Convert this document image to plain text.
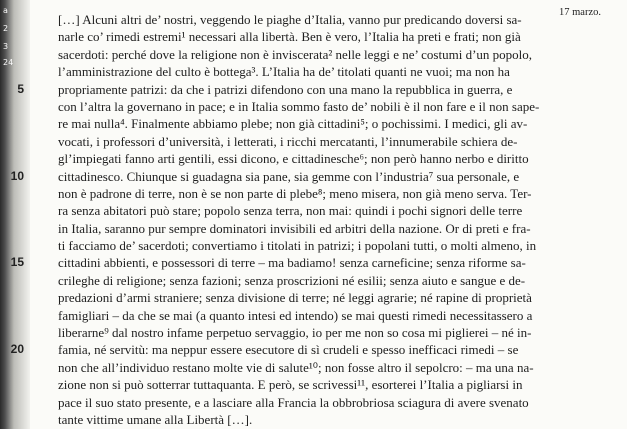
a
2
3
24
17 marzo.
[…] Alcuni altri de’ nostri, veggendo le piaghe d’Italia, vanno pur predicando doversi sa-
narle co’ rimedi estremi¹ necessari alla libertà. Ben è vero, l’Italia ha preti e frati; non già
sacerdoti: perché dove la religione non è inviscerata² nelle leggi e ne’ costumi d’un popolo,
l’amministrazione del culto è bottega³. L’Italia ha de’ titolati quanti ne vuoi; ma non ha
5	propriamente patrizi: da che i patrizi difendono con una mano la repubblica in guerra, e
con l’altra la governano in pace; e in Italia sommo fasto de’ nobili è il non fare e il non sape-
re mai nulla⁴. Finalmente abbiamo plebe; non già cittadini⁵; o pochissimi. I medici, gli av-
vocati, i professori d’università, i letterati, i ricchi mercatanti, l’innumerabile schiera de-
gl’impiegati fanno arti gentili, essi dicono, e cittadinesche⁶; non però hanno nerbo e diritto
10	cittadinesco. Chiunque si guadagna sia pane, sia gemme con l’industria⁷ sua personale, e
non è padrone di terre, non è se non parte di plebe⁸; meno misera, non già meno serva. Ter-
ra senza abitatori può stare; popolo senza terra, non mai: quindi i pochi signori delle terre
in Italia, saranno pur sempre dominatori invisibili ed arbitri della nazione. Or di preti e fra-
ti facciamo de’ sacerdoti; convertiamo i titolati in patrizi; i popolani tutti, o molti almeno, in
15	cittadini abbienti, e possessori di terre – ma badiamo! senza carneficine; senza riforme sa-
crileghe di religione; senza fazioni; senza proscrizioni né esilii; senza aiuto e sangue e de-
predazioni d’armi straniere; senza divisione di terre; né leggi agrarie; né rapine di proprietà
famigliari – da che se mai (a quanto intesi ed intendo) se mai questi rimedi necessitassero a
liberarne⁹ dal nostro infame perpetuo servaggio, io per me non so cosa mi piglierei – né in-
20	famia, né servitù: ma neppur essere esecutore di sì crudeli e spesso inefficaci rimedi – se
non che all’individuo restano molte vie di salute¹⁰; non fosse altro il sepolcro: – ma una na-
zione non si può sotterrar tuttaquanta. E però, se scrivessi¹¹, esorterei l’Italia a pigliarsi in
pace il suo stato presente, e a lasciare alla Francia la obbrobriosa sciagura di avere svenato
tante vittime umane alla Libertà […].
